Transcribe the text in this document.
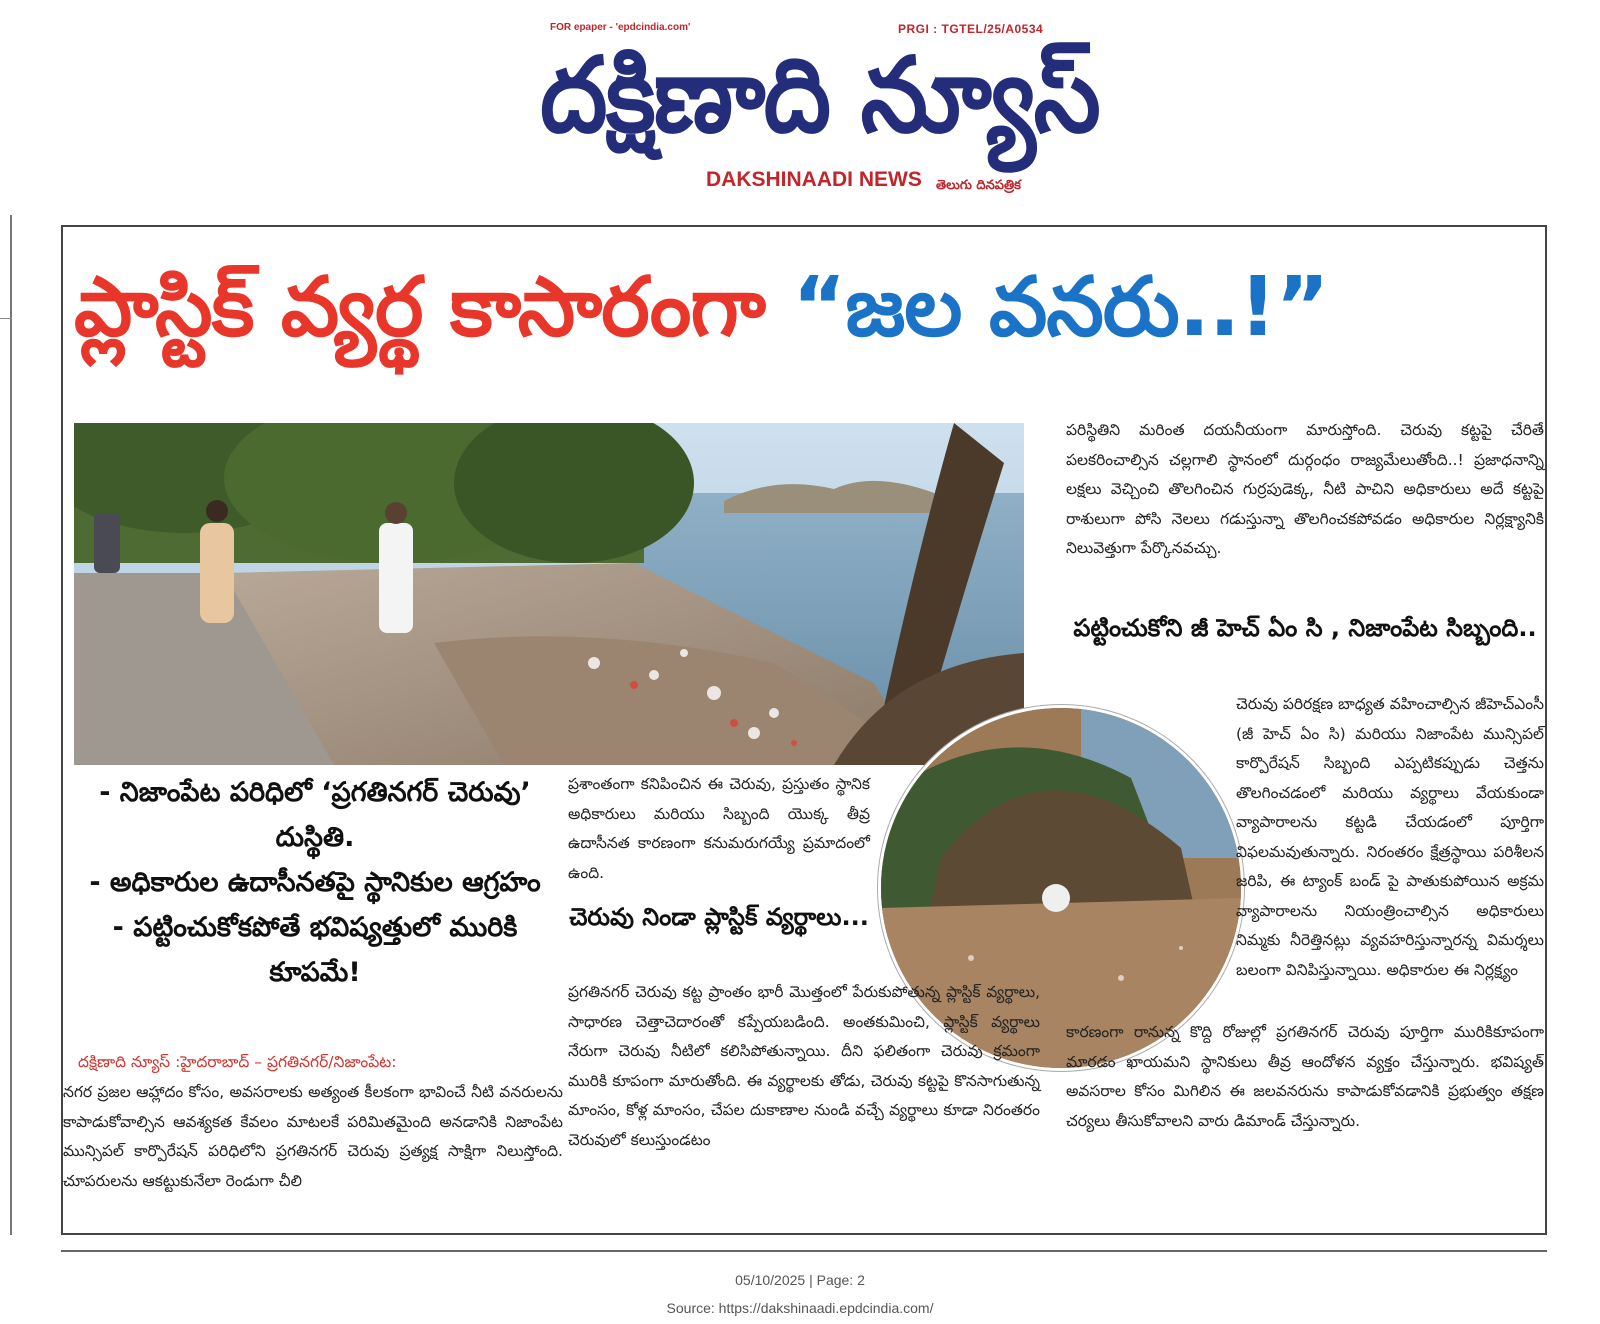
FOR epaper - 'epdcindia.com'	PRGI : TGTEL/25/A0534
దక్షిణాది న్యూస్
DAKSHINAADI NEWS తెలుగు దినపత్రిక
ప్లాస్టిక్ వ్యర్థ కాసారంగా “జల వనరు..!”
- నిజాంపేట పరిధిలో ‘ప్రగతినగర్ చెరువు’ దుస్థితి.
- అధికారుల ఉదాసీనతపై స్థానికుల ఆగ్రహం
- పట్టించుకోకపోతే భవిష్యత్తులో మురికి కూపమే!
దక్షిణాది న్యూస్ :హైదరాబాద్ – ప్రగతినగర్/నిజాంపేట:
నగర ప్రజల ఆహ్లాదం కోసం, అవసరాలకు అత్యంత కీలకంగా భావించే నీటి వనరులను కాపాడుకోవాల్సిన ఆవశ్యకత కేవలం మాటలకే పరిమితమైంది అనడానికి నిజాంపేట మున్సిపల్ కార్పొరేషన్ పరిధిలోని ప్రగతినగర్ చెరువు ప్రత్యక్ష సాక్షిగా నిలుస్తోంది. చూపరులను ఆకట్టుకునేలా రెండుగా చీలి
ప్రశాంతంగా కనిపించిన ఈ చెరువు, ప్రస్తుతం స్థానిక అధికారులు మరియు సిబ్బంది యొక్క తీవ్ర ఉదాసీనత కారణంగా కనుమరుగయ్యే ప్రమాదంలో ఉంది.
చెరువు నిండా ప్లాస్టిక్ వ్యర్థాలు...
ప్రగతినగర్ చెరువు కట్ట ప్రాంతం భారీ మొత్తంలో పేరుకుపోతున్న ప్లాస్టిక్ వ్యర్థాలు, సాధారణ చెత్తాచెదారంతో కప్పేయబడింది. అంతకుమించి, ప్లాస్టిక్ వ్యర్థాలు నేరుగా చెరువు నీటిలో కలిసిపోతున్నాయి. దీని ఫలితంగా చెరువు క్రమంగా మురికి కూపంగా మారుతోంది. ఈ వ్యర్థాలకు తోడు, చెరువు కట్టపై కొనసాగుతున్న మాంసం, కోళ్ల మాంసం, చేపల దుకాణాల నుండి వచ్చే వ్యర్థాలు కూడా నిరంతరం చెరువులో కలుస్తుండటం
పరిస్థితిని మరింత దయనీయంగా మారుస్తోంది. చెరువు కట్టపై చేరితే పలకరించాల్సిన చల్లగాలి స్థానంలో దుర్గంధం రాజ్యమేలుతోంది..! ప్రజాధనాన్ని లక్షలు వెచ్చించి తొలగించిన గుర్రపుడెక్క, నీటి పాచిని అధికారులు అదే కట్టపై రాశులుగా పోసి నెలలు గడుస్తున్నా తొలగించకపోవడం అధికారుల నిర్లక్ష్యానికి నిలువెత్తుగా పేర్కొనవచ్చు.
పట్టించుకోని జీ హెచ్ ఏం సి , నిజాంపేట సిబ్బంది..
చెరువు పరిరక్షణ బాధ్యత వహించాల్సిన జీహెచ్ఎంసీ (జీ హెచ్ ఏం సి) మరియు నిజాంపేట మున్సిపల్ కార్పొరేషన్ సిబ్బంది ఎప్పటికప్పుడు చెత్తను తొలగించడంలో మరియు వ్యర్థాలు వేయకుండా వ్యాపారాలను కట్టడి చేయడంలో పూర్తిగా విఫలమవుతున్నారు. నిరంతరం క్షేత్రస్థాయి పరిశీలన జరిపి, ఈ ట్యాంక్ బండ్ పై పాతుకుపోయిన అక్రమ వ్యాపారాలను నియంత్రించాల్సిన అధికారులు నిమ్మకు నీరెత్తినట్లు వ్యవహరిస్తున్నారన్న విమర్శలు బలంగా వినిపిస్తున్నాయి. అధికారుల ఈ నిర్లక్ష్యం
కారణంగా రానున్న కొద్ది రోజుల్లో ప్రగతినగర్ చెరువు పూర్తిగా మురికికూపంగా మారడం ఖాయమని స్థానికులు తీవ్ర ఆందోళన వ్యక్తం చేస్తున్నారు. భవిష్యత్ అవసరాల కోసం మిగిలిన ఈ జలవనరును కాపాడుకోవడానికి ప్రభుత్వం తక్షణ చర్యలు తీసుకోవాలని వారు డిమాండ్ చేస్తున్నారు.
05/10/2025 | Page: 2
Source: https://dakshinaadi.epdcindia.com/
